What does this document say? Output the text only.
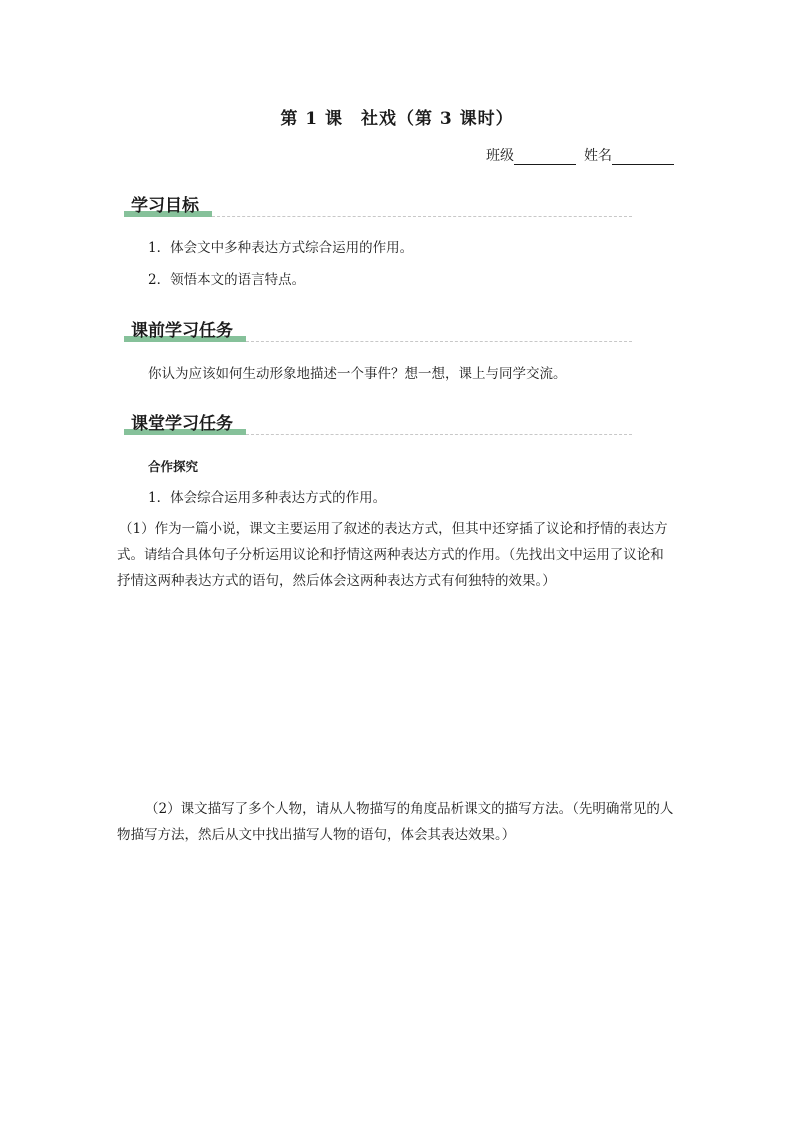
第 1 课　社戏（第 3 课时）
班级	姓名
学习目标
1．体会文中多种表达方式综合运用的作用。
2．领悟本文的语言特点。
课前学习任务
你认为应该如何生动形象地描述一个事件？想一想，课上与同学交流。
课堂学习任务
合作探究
1．体会综合运用多种表达方式的作用。
（1）作为一篇小说，课文主要运用了叙述的表达方式，但其中还穿插了议论和抒情的表达方式。请结合具体句子分析运用议论和抒情这两种表达方式的作用。（先找出文中运用了议论和抒情这两种表达方式的语句，然后体会这两种表达方式有何独特的效果。）
（2）课文描写了多个人物，请从人物描写的角度品析课文的描写方法。（先明确常见的人物描写方法，然后从文中找出描写人物的语句，体会其表达效果。）
